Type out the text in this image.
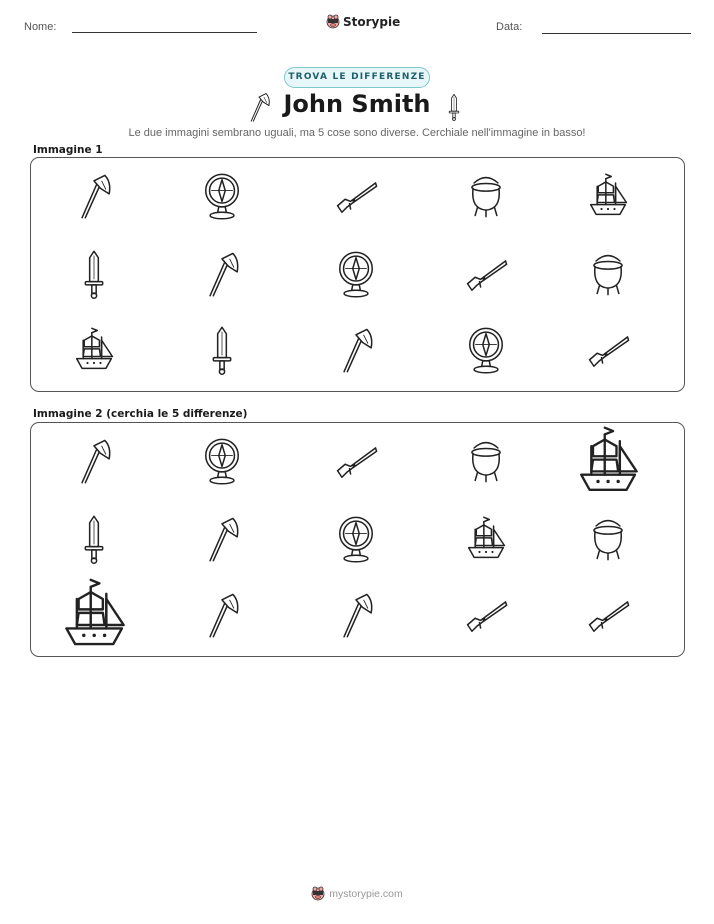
Nome:	Storypie	Data:
TROVA LE DIFFERENZE
John Smith
Le due immagini sembrano uguali, ma 5 cose sono diverse. Cerchiale nell'immagine in basso!
Immagine 1
Immagine 2 (cerchia le 5 differenze)
mystorypie.com
